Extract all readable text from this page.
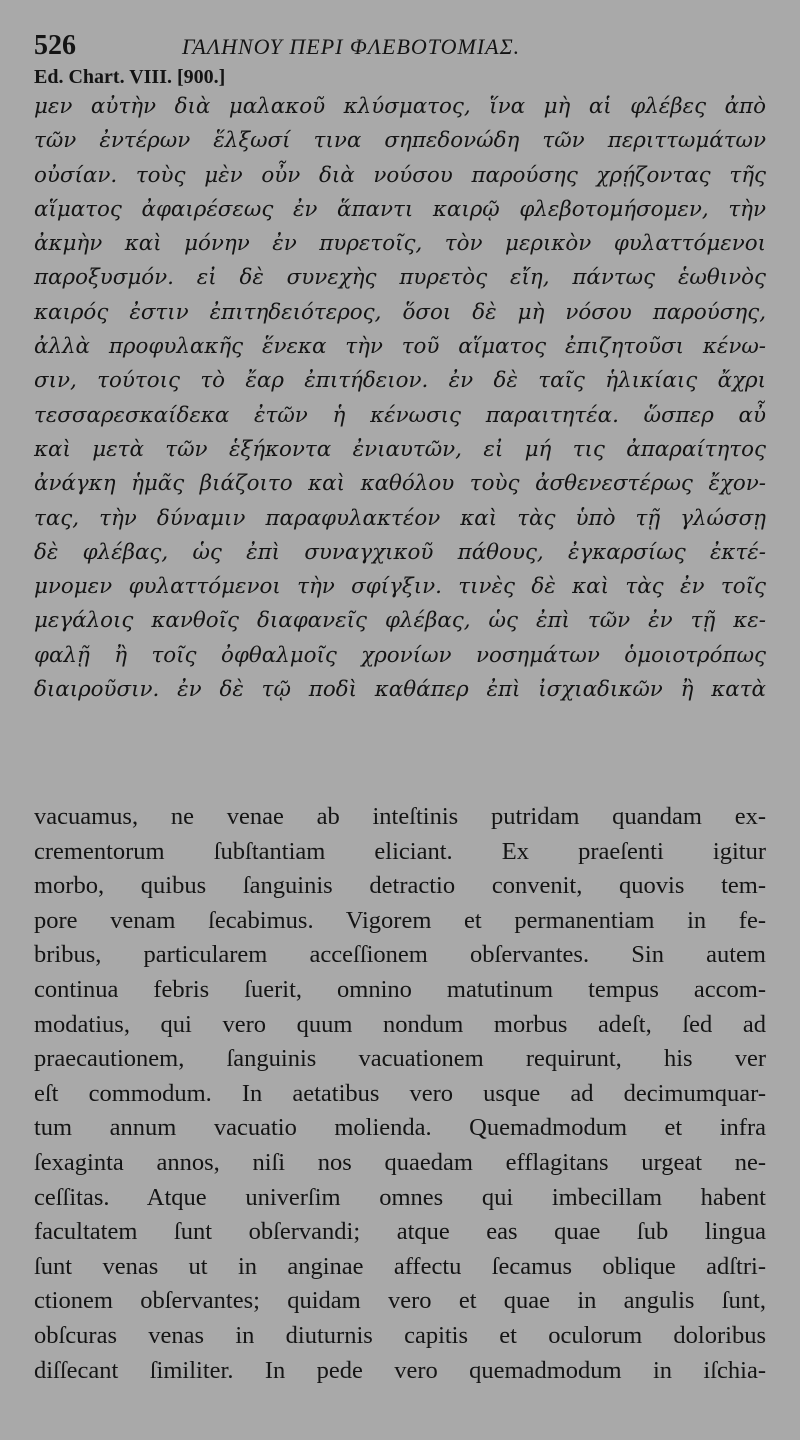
526	ΓΑΛΗΝΟΥ ΠΕΡΙ ΦΛΕΒΟΤΟΜΙΑΣ.
Ed. Chart. VIII. [900.]
μεν αὐτὴν διὰ μαλακοῦ κλύσματος, ἵνα μὴ αἱ φλέβες ἀπὸ
τῶν ἐντέρων ἕλξωσί τινα σηπεδονώδη τῶν περιττωμάτων
οὐσίαν. τοὺς μὲν οὖν διὰ νούσου παρούσης χρῄζοντας τῆς
αἵματος ἀφαιρέσεως ἐν ἅπαντι καιρῷ φλεβοτομήσομεν, τὴν
ἀκμὴν καὶ μόνην ἐν πυρετοῖς, τὸν μερικὸν φυλαττόμενοι
παροξυσμόν. εἰ δὲ συνεχὴς πυρετὸς εἴη, πάντως ἑωθινὸς
καιρός ἐστιν ἐπιτηδειότερος, ὅσοι δὲ μὴ νόσου παρούσης,
ἀλλὰ προφυλακῆς ἕνεκα τὴν τοῦ αἵματος ἐπιζητοῦσι κένω-
σιν, τούτοις τὸ ἔαρ ἐπιτήδειον. ἐν δὲ ταῖς ἡλικίαις ἄχρι
τεσσαρεσκαίδεκα ἐτῶν ἡ κένωσις παραιτητέα. ὥσπερ αὖ
καὶ μετὰ τῶν ἑξήκοντα ἐνιαυτῶν, εἰ μή τις ἀπαραίτητος
ἀνάγκη ἡμᾶς βιάζοιτο καὶ καθόλου τοὺς ἀσθενεστέρως ἔχον-
τας, τὴν δύναμιν παραφυλακτέον καὶ τὰς ὑπὸ τῇ γλώσσῃ
δὲ φλέβας, ὡς ἐπὶ συναγχικοῦ πάθους, ἐγκαρσίως ἐκτέ-
μνομεν φυλαττόμενοι τὴν σφίγξιν. τινὲς δὲ καὶ τὰς ἐν τοῖς
μεγάλοις κανθοῖς διαφανεῖς φλέβας, ὡς ἐπὶ τῶν ἐν τῇ κε-
φαλῇ ἢ τοῖς ὀφθαλμοῖς χρονίων νοσημάτων ὁμοιοτρόπως
διαιροῦσιν. ἐν δὲ τῷ ποδὶ καθάπερ ἐπὶ ἰσχιαδικῶν ἢ κατὰ
vacuamus, ne venae ab inteſtinis putridam quandam ex-
crementorum ſubſtantiam eliciant. Ex praeſenti igitur
morbo, quibus ſanguinis detractio convenit, quovis tem-
pore venam ſecabimus. Vigorem et permanentiam in fe-
bribus, particularem acceſſionem obſervantes. Sin autem
continua febris ſuerit, omnino matutinum tempus accom-
modatius, qui vero quum nondum morbus adeſt, ſed ad
praecautionem, ſanguinis vacuationem requirunt, his ver
eſt commodum. In aetatibus vero usque ad decimumquar-
tum annum vacuatio molienda. Quemadmodum et infra
ſexaginta annos, niſi nos quaedam efflagitans urgeat ne-
ceſſitas. Atque univerſim omnes qui imbecillam habent
facultatem ſunt obſervandi; atque eas quae ſub lingua
ſunt venas ut in anginae affectu ſecamus oblique adſtri-
ctionem obſervantes; quidam vero et quae in angulis ſunt,
obſcuras venas in diuturnis capitis et oculorum doloribus
diſſecant ſimiliter. In pede vero quemadmodum in iſchia-
